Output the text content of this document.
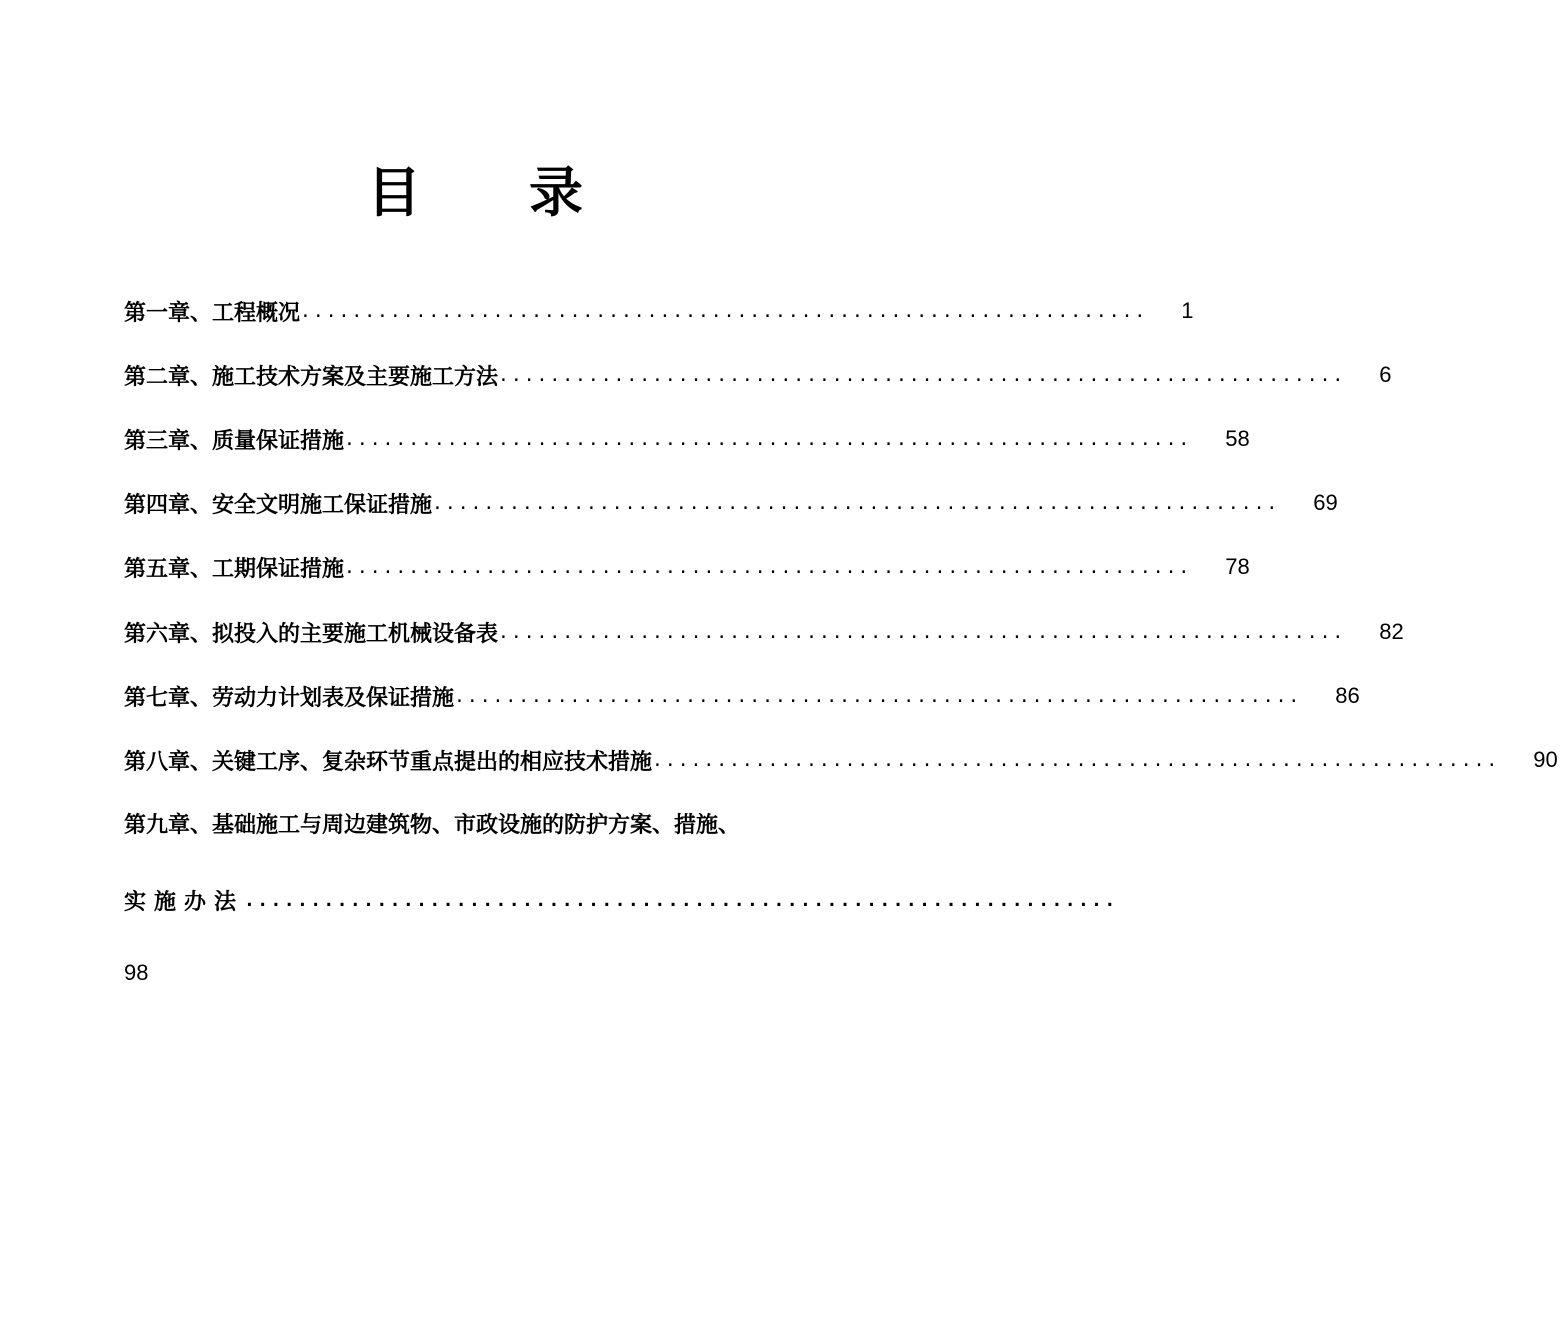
目 录
第一章、工程概况 .................................................................. 1
第二章、施工技术方案及主要施工方法 .................................................................. 6
第三章、质量保证措施 .................................................................. 58
第四章、安全文明施工保证措施 .................................................................. 69
第五章、工期保证措施 .................................................................. 78
第六章、拟投入的主要施工机械设备表 .................................................................. 82
第七章、劳动力计划表及保证措施 .................................................................. 86
第八章、关键工序、复杂环节重点提出的相应技术措施 .................................................................. 90
第九章、基础施工与周边建筑物、市政设施的防护方案、措施、
实施办法 ..................................................................
98
